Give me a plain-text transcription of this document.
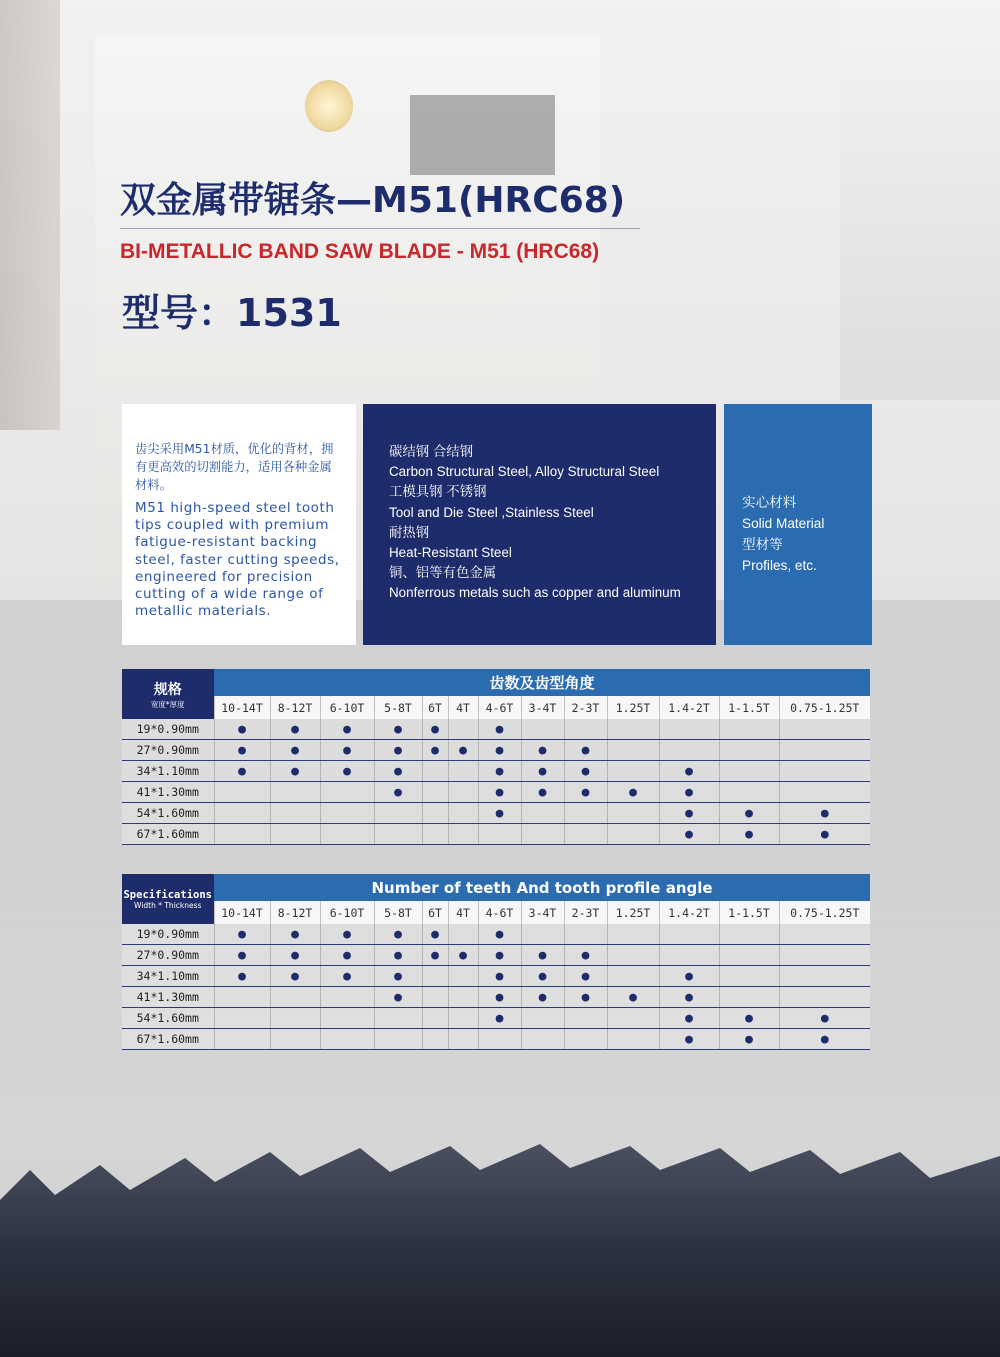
双金属带锯条—M51(HRC68)
BI-METALLIC BAND SAW BLADE - M51 (HRC68)
型号：1531

齿尖采用M51材质，优化的背材，拥有更高效的切割能力，适用各种金属材料。

M51 high-speed steel tooth tips coupled with premium fatigue-resistant backing steel, faster cutting speeds, engineered for precision cutting of a wide range of metallic materials.

碳结钢 合结钢
Carbon Structural Steel, Alloy Structural Steel
工模具钢 不锈钢
Tool and Die Steel ,Stainless Steel
耐热钢
Heat-Resistant Steel
铜、铝等有色金属
Nonferrous metals such as copper and aluminum
实心材料
Solid Material
型材等
Profiles, etc.
规格
宽度*厚度	齿数及齿型角度												
	10-14T	8-12T	6-10T	5-8T	6T	4T	4-6T	3-4T	2-3T	1.25T	1.4-2T	1-1.5T	0.75-1.25T
19*0.90mm	●	●	●	●	●		●						
27*0.90mm	●	●	●	●	●	●	●	●	●				
34*1.10mm	●	●	●	●			●	●	●		●		
41*1.30mm				●			●	●	●	●	●		
54*1.60mm							●				●	●	●
67*1.60mm											●	●	●
Specifications
Width * Thickness	Number of teeth And tooth profile angle												
	10-14T	8-12T	6-10T	5-8T	6T	4T	4-6T	3-4T	2-3T	1.25T	1.4-2T	1-1.5T	0.75-1.25T
19*0.90mm	●	●	●	●	●		●						
27*0.90mm	●	●	●	●	●	●	●	●	●				
34*1.10mm	●	●	●	●			●	●	●		●		
41*1.30mm				●			●	●	●	●	●		
54*1.60mm							●				●	●	●
67*1.60mm											●	●	●
